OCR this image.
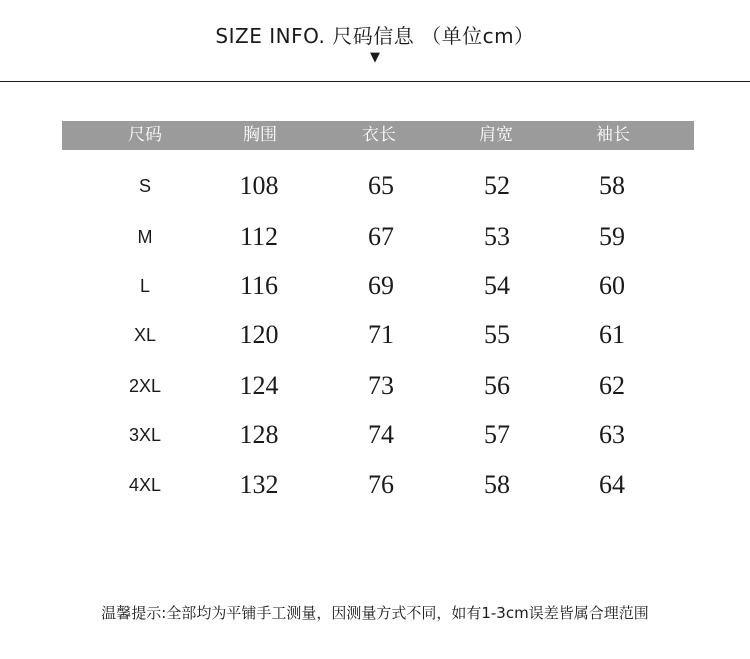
SIZE INFO. 尺码信息 （单位cm）
▼
尺码	胸围	衣长	肩宽	袖长
S	108	65	52	58
M	112	67	53	59
L	116	69	54	60
XL	120	71	55	61
2XL	124	73	56	62
3XL	128	74	57	63
4XL	132	76	58	64
温馨提示:全部均为平铺手工测量，因测量方式不同，如有1-3cm误差皆属合理范围
